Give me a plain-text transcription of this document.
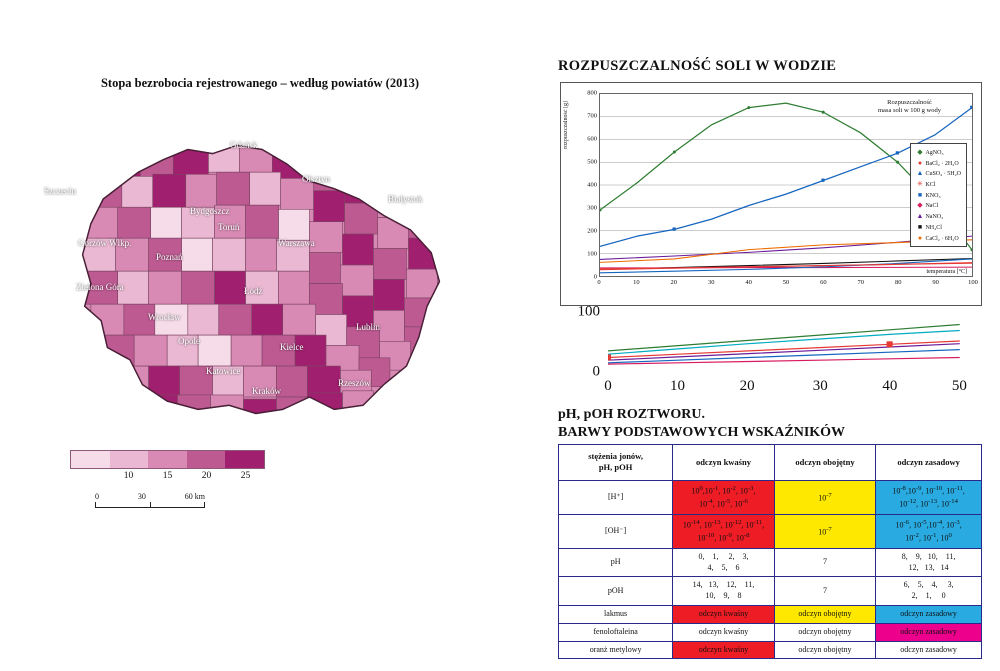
Stopa bezrobocia rejestrowanego – według powiatów (2013)
Gdańsk
Szczecin
Olsztyn
Białystok
Bydgoszcz
Toruń
Gorzów Wlkp.
Poznań
Zielona Góra
Warszawa
Łódź
Wrocław
Lublin
Opole
Kielce
Katowice
Rzeszów
Kraków
10	15	20	25
0	30	60 km
ROZPUSZCZALNOŚĆ SOLI W WODZIE
rozpuszczalność [g]
0
100
200
300
400
500
600
700
800
Rozpuszczalność
masa soli w 100 g wody
◆ AgNO₃
● BaCl₂ · 2H₂O
▲ CuSO₄ · 5H₂O
✳ KCl
■ KNO₃
◆ NaCl
▲ NaNO₃
■ NH₄Cl
● CaCl₂ · 6H₂O
temperatura [°C]
0	10	20	30	40	50	60	70	80	90	100
100
0
0	10	20	30	40	50
pH, pOH ROZTWORU.
BARWY PODSTAWOWYCH WSKAŹNIKÓW
stężenia jonów,
pH, pOH	odczyn kwaśny	odczyn obojętny	odczyn zasadowy
[H⁺]	$10^0,10^{-1}$, $10^{-2}$, $10^{-3}$,
$10^{-4}$, $10^{-5}$, $10^{-6}$	$10^{-7}$	$10^{-8},10^{-9}$, $10^{-10}$, $10^{-11}$,
$10^{-12}$, $10^{-13}$, $10^{-14}$
[OH⁻]	$10^{-14}$, $10^{-13}$, $10^{-12}$, $10^{-11}$,
$10^{-10}$, $10^{-9}$, $10^{-8}$	$10^{-7}$	$10^{-6}$, $10^{-5},10^{-4}$, $10^{-3}$,
$10^{-2}$, $10^{-1}$, $10^0$
pH	0,    1,     2,    3,
4,    5,    6	7	8,    9,   10,    11,
12,   13,   14
pOH	14,   13,    12,    11,
10,    9,    8	7	6,    5,    4,     3,
2,    1,     0
lakmus	odczyn kwaśny	odczyn obojętny	odczyn zasadowy
fenoloftaleina	odczyn kwaśny	odczyn obojętny	odczyn zasadowy
oranż metylowy	odczyn kwaśny	odczyn obojętny	odczyn zasadowy
